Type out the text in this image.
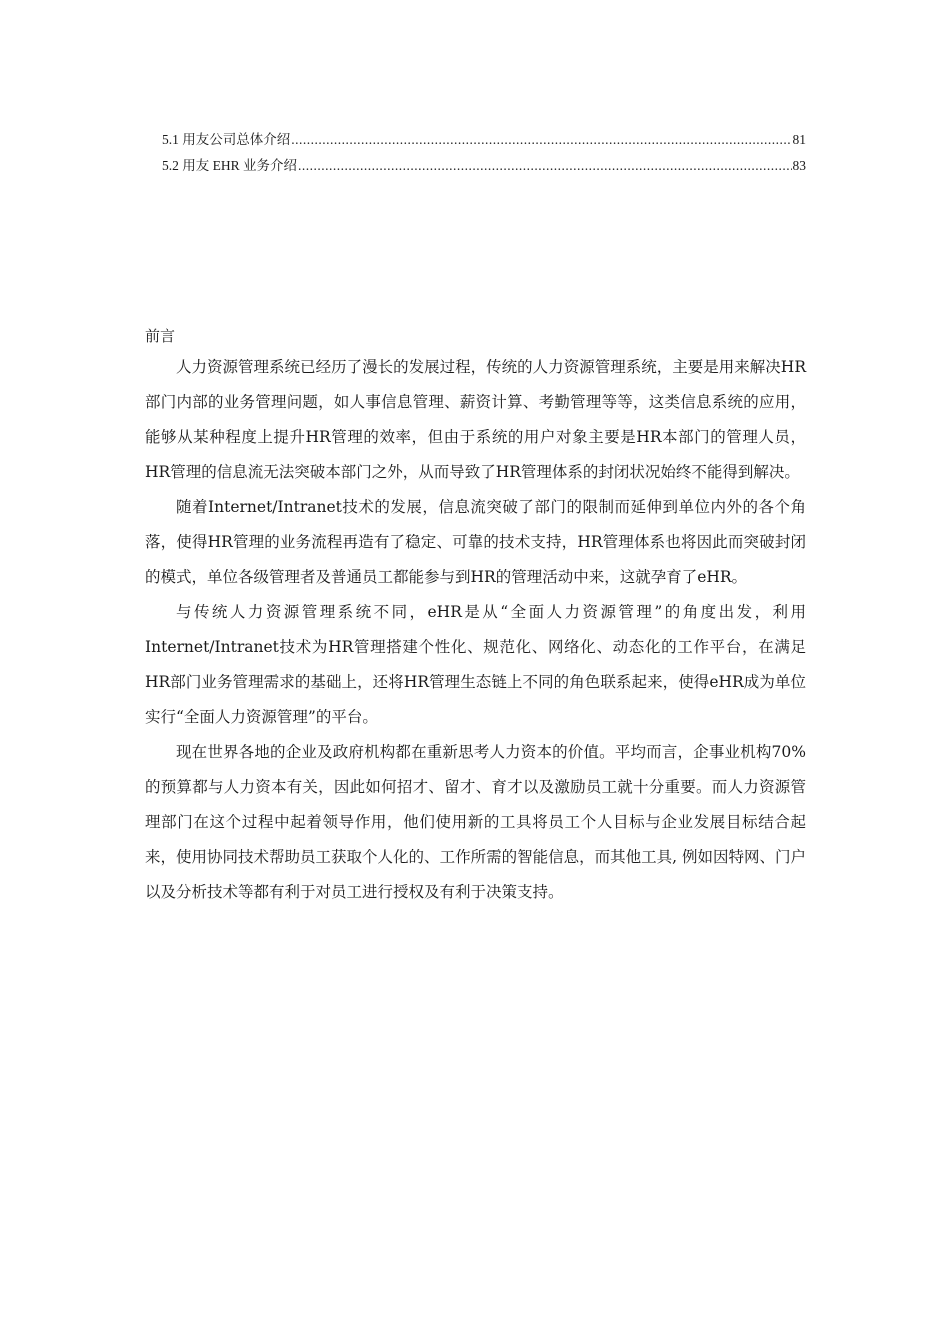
5.1 用友公司总体介绍 .....	81
5.2 用友 EHR 业务介绍 .....	83
前言

人力资源管理系统已经历了漫长的发展过程，传统的人力资源管理系统，主要是用来解决HR部门内部的业务管理问题，如人事信息管理、薪资计算、考勤管理等等，这类信息系统的应用，能够从某种程度上提升HR管理的效率，但由于系统的用户对象主要是HR本部门的管理人员，HR管理的信息流无法突破本部门之外，从而导致了HR管理体系的封闭状况始终不能得到解决。

随着Internet/Intranet技术的发展，信息流突破了部门的限制而延伸到单位内外的各个角落，使得HR管理的业务流程再造有了稳定、可靠的技术支持，HR管理体系也将因此而突破封闭的模式，单位各级管理者及普通员工都能参与到HR的管理活动中来，这就孕育了eHR。

与传统人力资源管理系统不同，eHR是从“全面人力资源管理”的角度出发，利用Internet/Intranet技术为HR管理搭建个性化、规范化、网络化、动态化的工作平台，在满足HR部门业务管理需求的基础上，还将HR管理生态链上不同的角色联系起来，使得eHR成为单位实行“全面人力资源管理”的平台。

现在世界各地的企业及政府机构都在重新思考人力资本的价值。平均而言，企事业机构70%的预算都与人力资本有关，因此如何招才、留才、育才以及激励员工就十分重要。而人力资源管理部门在这个过程中起着领导作用，他们使用新的工具将员工个人目标与企业发展目标结合起来，使用协同技术帮助员工获取个人化的、工作所需的智能信息，而其他工具, 例如因特网、门户以及分析技术等都有利于对员工进行授权及有利于决策支持。
